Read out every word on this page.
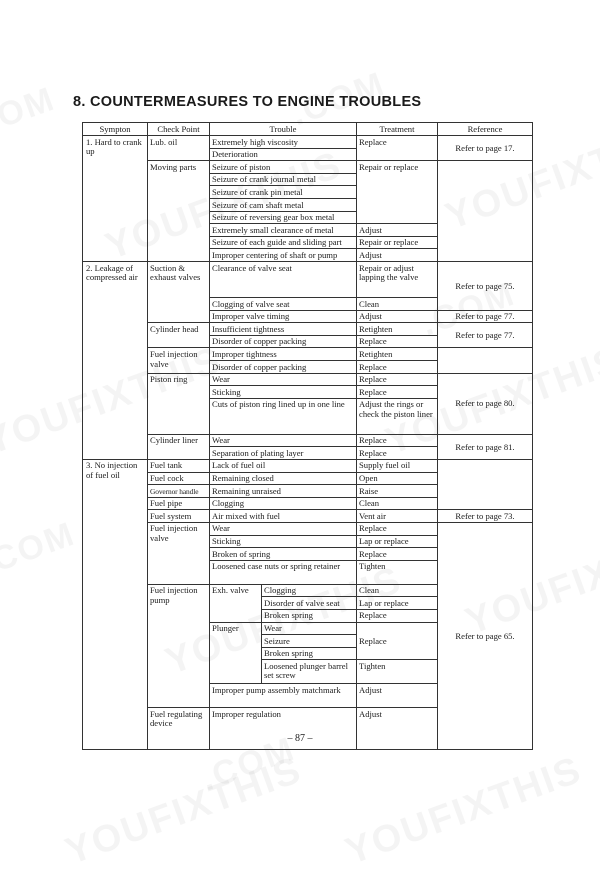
8. COUNTERMEASURES TO ENGINE TROUBLES
Sympton	Check Point	Trouble		Treatment	Reference	
1. Hard to crank up	Lub. oil	Extremely high viscosity		Replace	Refer to page 17.	
		Deterioration				
	Moving parts	Seizure of piston		Repair or replace		
		Seizure of crank journal metal				
		Seizure of crank pin metal				
		Seizure of cam shaft metal				
		Seizure of reversing gear box metal				
		Extremely small clearance of metal		Adjust		
		Seizure of each guide and sliding part		Repair or replace		
		Improper centering of shaft or pump		Adjust		
2. Leakage of compressed air	Suction & exhaust valves	Clearance of valve seat		Repair or adjust lapping the valve	Refer to page 75.	
		Clogging of valve seat		Clean		
		Improper valve timing		Adjust	Refer to page 77.	
	Cylinder head	Insufficient tightness		Retighten	Refer to page 77.	
		Disorder of copper packing		Replace		
	Fuel injection valve	Improper tightness		Retighten		
		Disorder of copper packing		Replace		
	Piston ring	Wear		Replace	Refer to page 80.	
		Sticking		Replace		
		Cuts of piston ring lined up in one line		Adjust the rings or check the piston liner		
	Cylinder liner	Wear		Replace	Refer to page 81.	
		Separation of plating layer		Replace		
3. No injection of fuel oil	Fuel tank	Lack of fuel oil		Supply fuel oil		
	Fuel cock	Remaining closed		Open		
	Governor handle	Remaining unraised		Raise		
	Fuel pipe	Clogging		Clean		
	Fuel system	Air mixed with fuel		Vent air	Refer to page 73.	
	Fuel injection valve	Wear		Replace	Refer to page 65.	
		Sticking		Lap or replace		
		Broken of spring		Replace		
		Loosened case nuts or spring retainer		Tighten		
	Fuel injection pump	Exh. valve	Clogging	Clean		
			Disorder of valve seat	Lap or replace		
			Broken spring	Replace		
		Plunger	Wear	Replace		
			Seizure			
			Broken spring			
			Loosened plunger barrel set screw	Tighten		
		Improper pump assembly matchmark		Adjust		
	Fuel regulating device	Improper regulation		Adjust	
– 87 –
